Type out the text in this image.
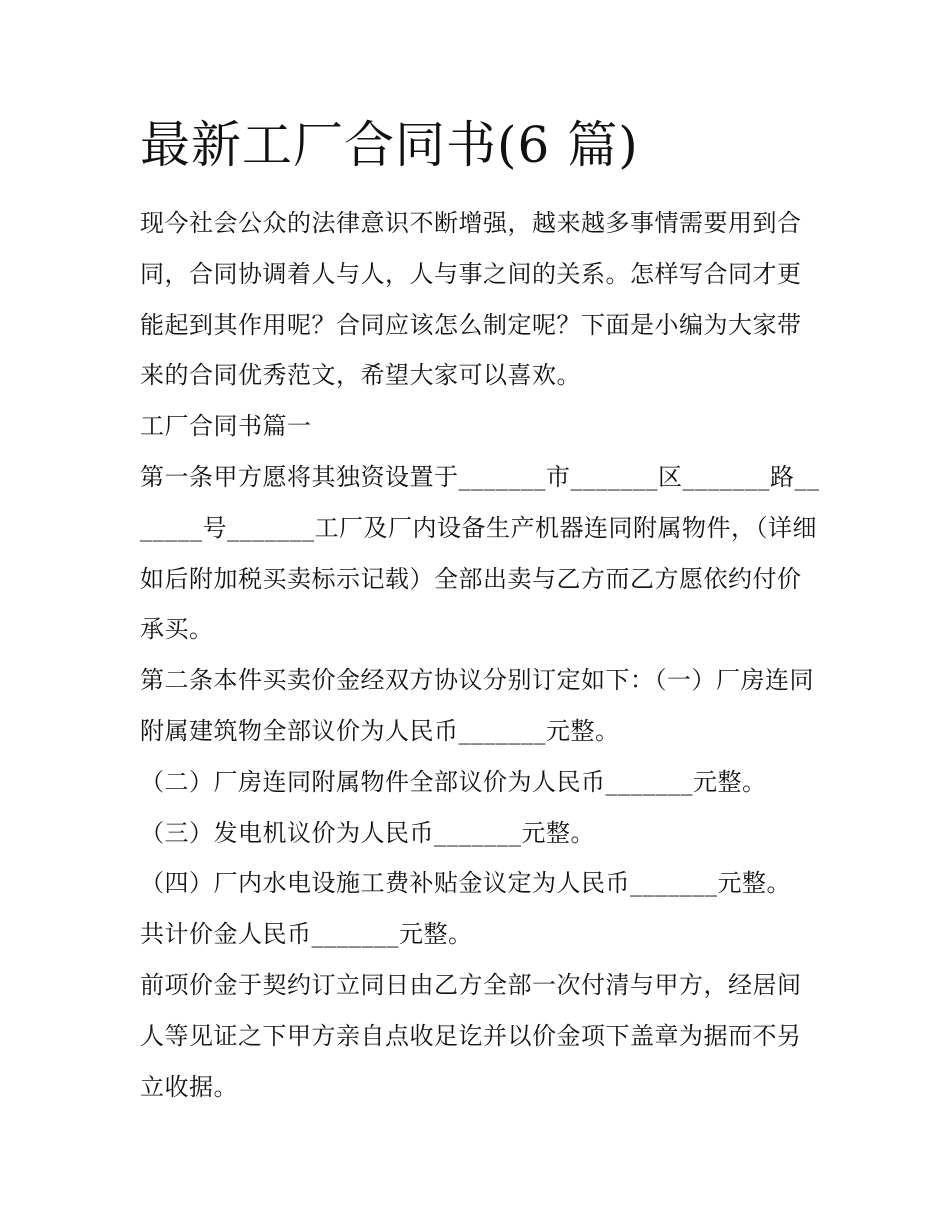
最新工厂合同书(6 篇)

现今社会公众的法律意识不断增强，越来越多事情需要用到合同，合同协调着人与人，人与事之间的关系。怎样写合同才更能起到其作用呢？合同应该怎么制定呢？下面是小编为大家带来的合同优秀范文，希望大家可以喜欢。

工厂合同书篇一

第一条甲方愿将其独资设置于_______市_______区_______路_______号_______工厂及厂内设备生产机器连同附属物件，（详细如后附加税买卖标示记载）全部出卖与乙方而乙方愿依约付价承买。

第二条本件买卖价金经双方协议分别订定如下：（一）厂房连同附属建筑物全部议价为人民币_______元整。

（二）厂房连同附属物件全部议价为人民币_______元整。

（三）发电机议价为人民币_______元整。

（四）厂内水电设施工费补贴金议定为人民币_______元整。

共计价金人民币_______元整。

前项价金于契约订立同日由乙方全部一次付清与甲方，经居间人等见证之下甲方亲自点收足讫并以价金项下盖章为据而不另立收据。
